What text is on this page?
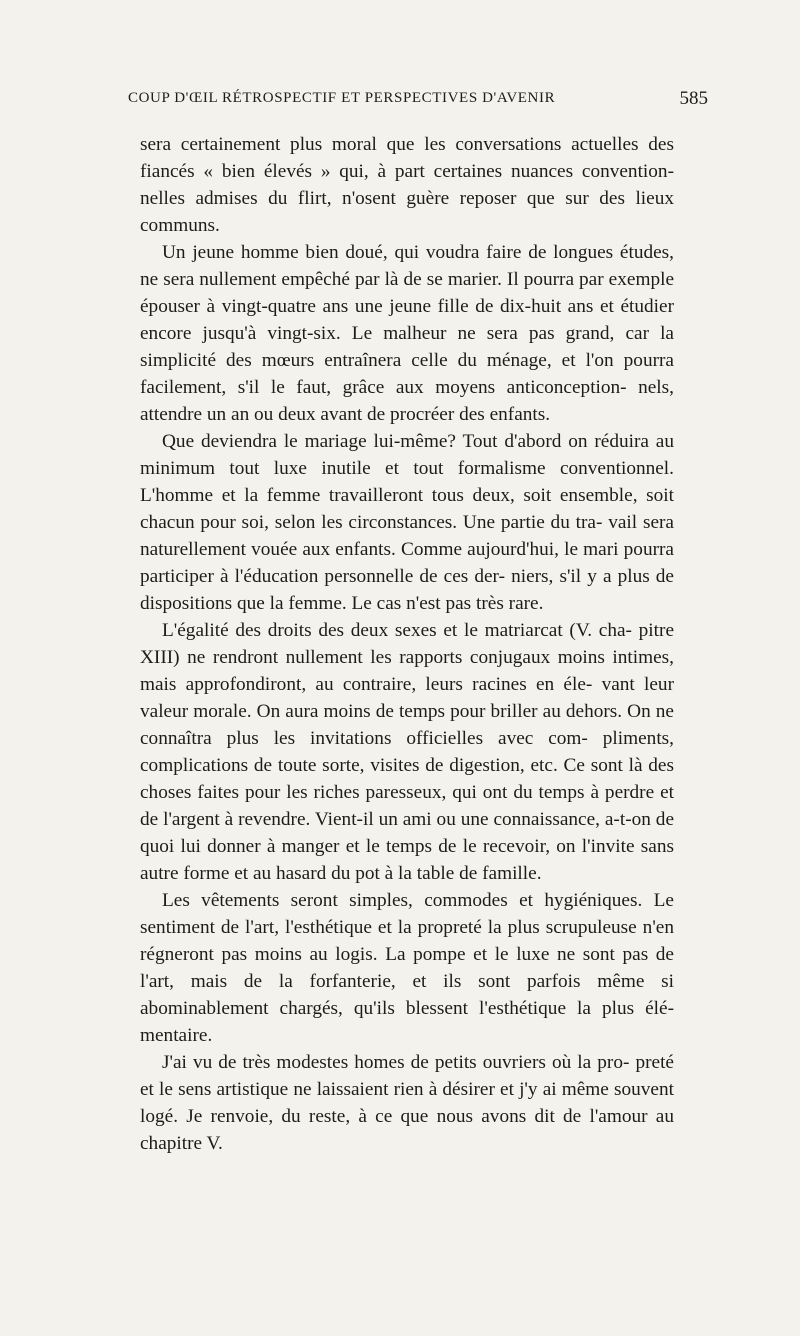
COUP D'ŒIL RÉTROSPECTIF ET PERSPECTIVES D'AVENIR	585

sera certainement plus moral que les conversations actuelles des fiancés « bien élevés » qui, à part certaines nuances convention- nelles admises du flirt, n'osent guère reposer que sur des lieux communs.

Un jeune homme bien doué, qui voudra faire de longues études, ne sera nullement empêché par là de se marier. Il pourra par exemple épouser à vingt-quatre ans une jeune fille de dix-huit ans et étudier encore jusqu'à vingt-six. Le malheur ne sera pas grand, car la simplicité des mœurs entraînera celle du ménage, et l'on pourra facilement, s'il le faut, grâce aux moyens anticonception- nels, attendre un an ou deux avant de procréer des enfants.

Que deviendra le mariage lui-même? Tout d'abord on réduira au minimum tout luxe inutile et tout formalisme conventionnel. L'homme et la femme travailleront tous deux, soit ensemble, soit chacun pour soi, selon les circonstances. Une partie du tra- vail sera naturellement vouée aux enfants. Comme aujourd'hui, le mari pourra participer à l'éducation personnelle de ces der- niers, s'il y a plus de dispositions que la femme. Le cas n'est pas très rare.

L'égalité des droits des deux sexes et le matriarcat (V. cha- pitre XIII) ne rendront nullement les rapports conjugaux moins intimes, mais approfondiront, au contraire, leurs racines en éle- vant leur valeur morale. On aura moins de temps pour briller au dehors. On ne connaîtra plus les invitations officielles avec com- pliments, complications de toute sorte, visites de digestion, etc. Ce sont là des choses faites pour les riches paresseux, qui ont du temps à perdre et de l'argent à revendre. Vient-il un ami ou une connaissance, a-t-on de quoi lui donner à manger et le temps de le recevoir, on l'invite sans autre forme et au hasard du pot à la table de famille.

Les vêtements seront simples, commodes et hygiéniques. Le sentiment de l'art, l'esthétique et la propreté la plus scrupuleuse n'en régneront pas moins au logis. La pompe et le luxe ne sont pas de l'art, mais de la forfanterie, et ils sont parfois même si abominablement chargés, qu'ils blessent l'esthétique la plus élé- mentaire.

J'ai vu de très modestes homes de petits ouvriers où la pro- preté et le sens artistique ne laissaient rien à désirer et j'y ai même souvent logé. Je renvoie, du reste, à ce que nous avons dit de l'amour au chapitre V.
